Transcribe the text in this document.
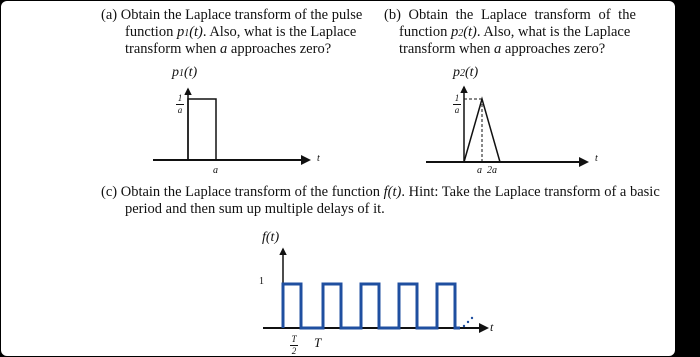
(a) Obtain the Laplace transform of the pulse
function p1(t). Also, what is the Laplace
transform when a approaches zero?
(b) Obtain the Laplace transform of the
function p2(t). Also, what is the Laplace
transform when a approaches zero?
p1(t)
1
a
a
t
p2(t)
1
a
a  2a
t
(c) Obtain the Laplace transform of the function f(t). Hint: Take the Laplace transform of a basic
period and then sum up multiple delays of it.
f(t)
1
T
2
T
t
